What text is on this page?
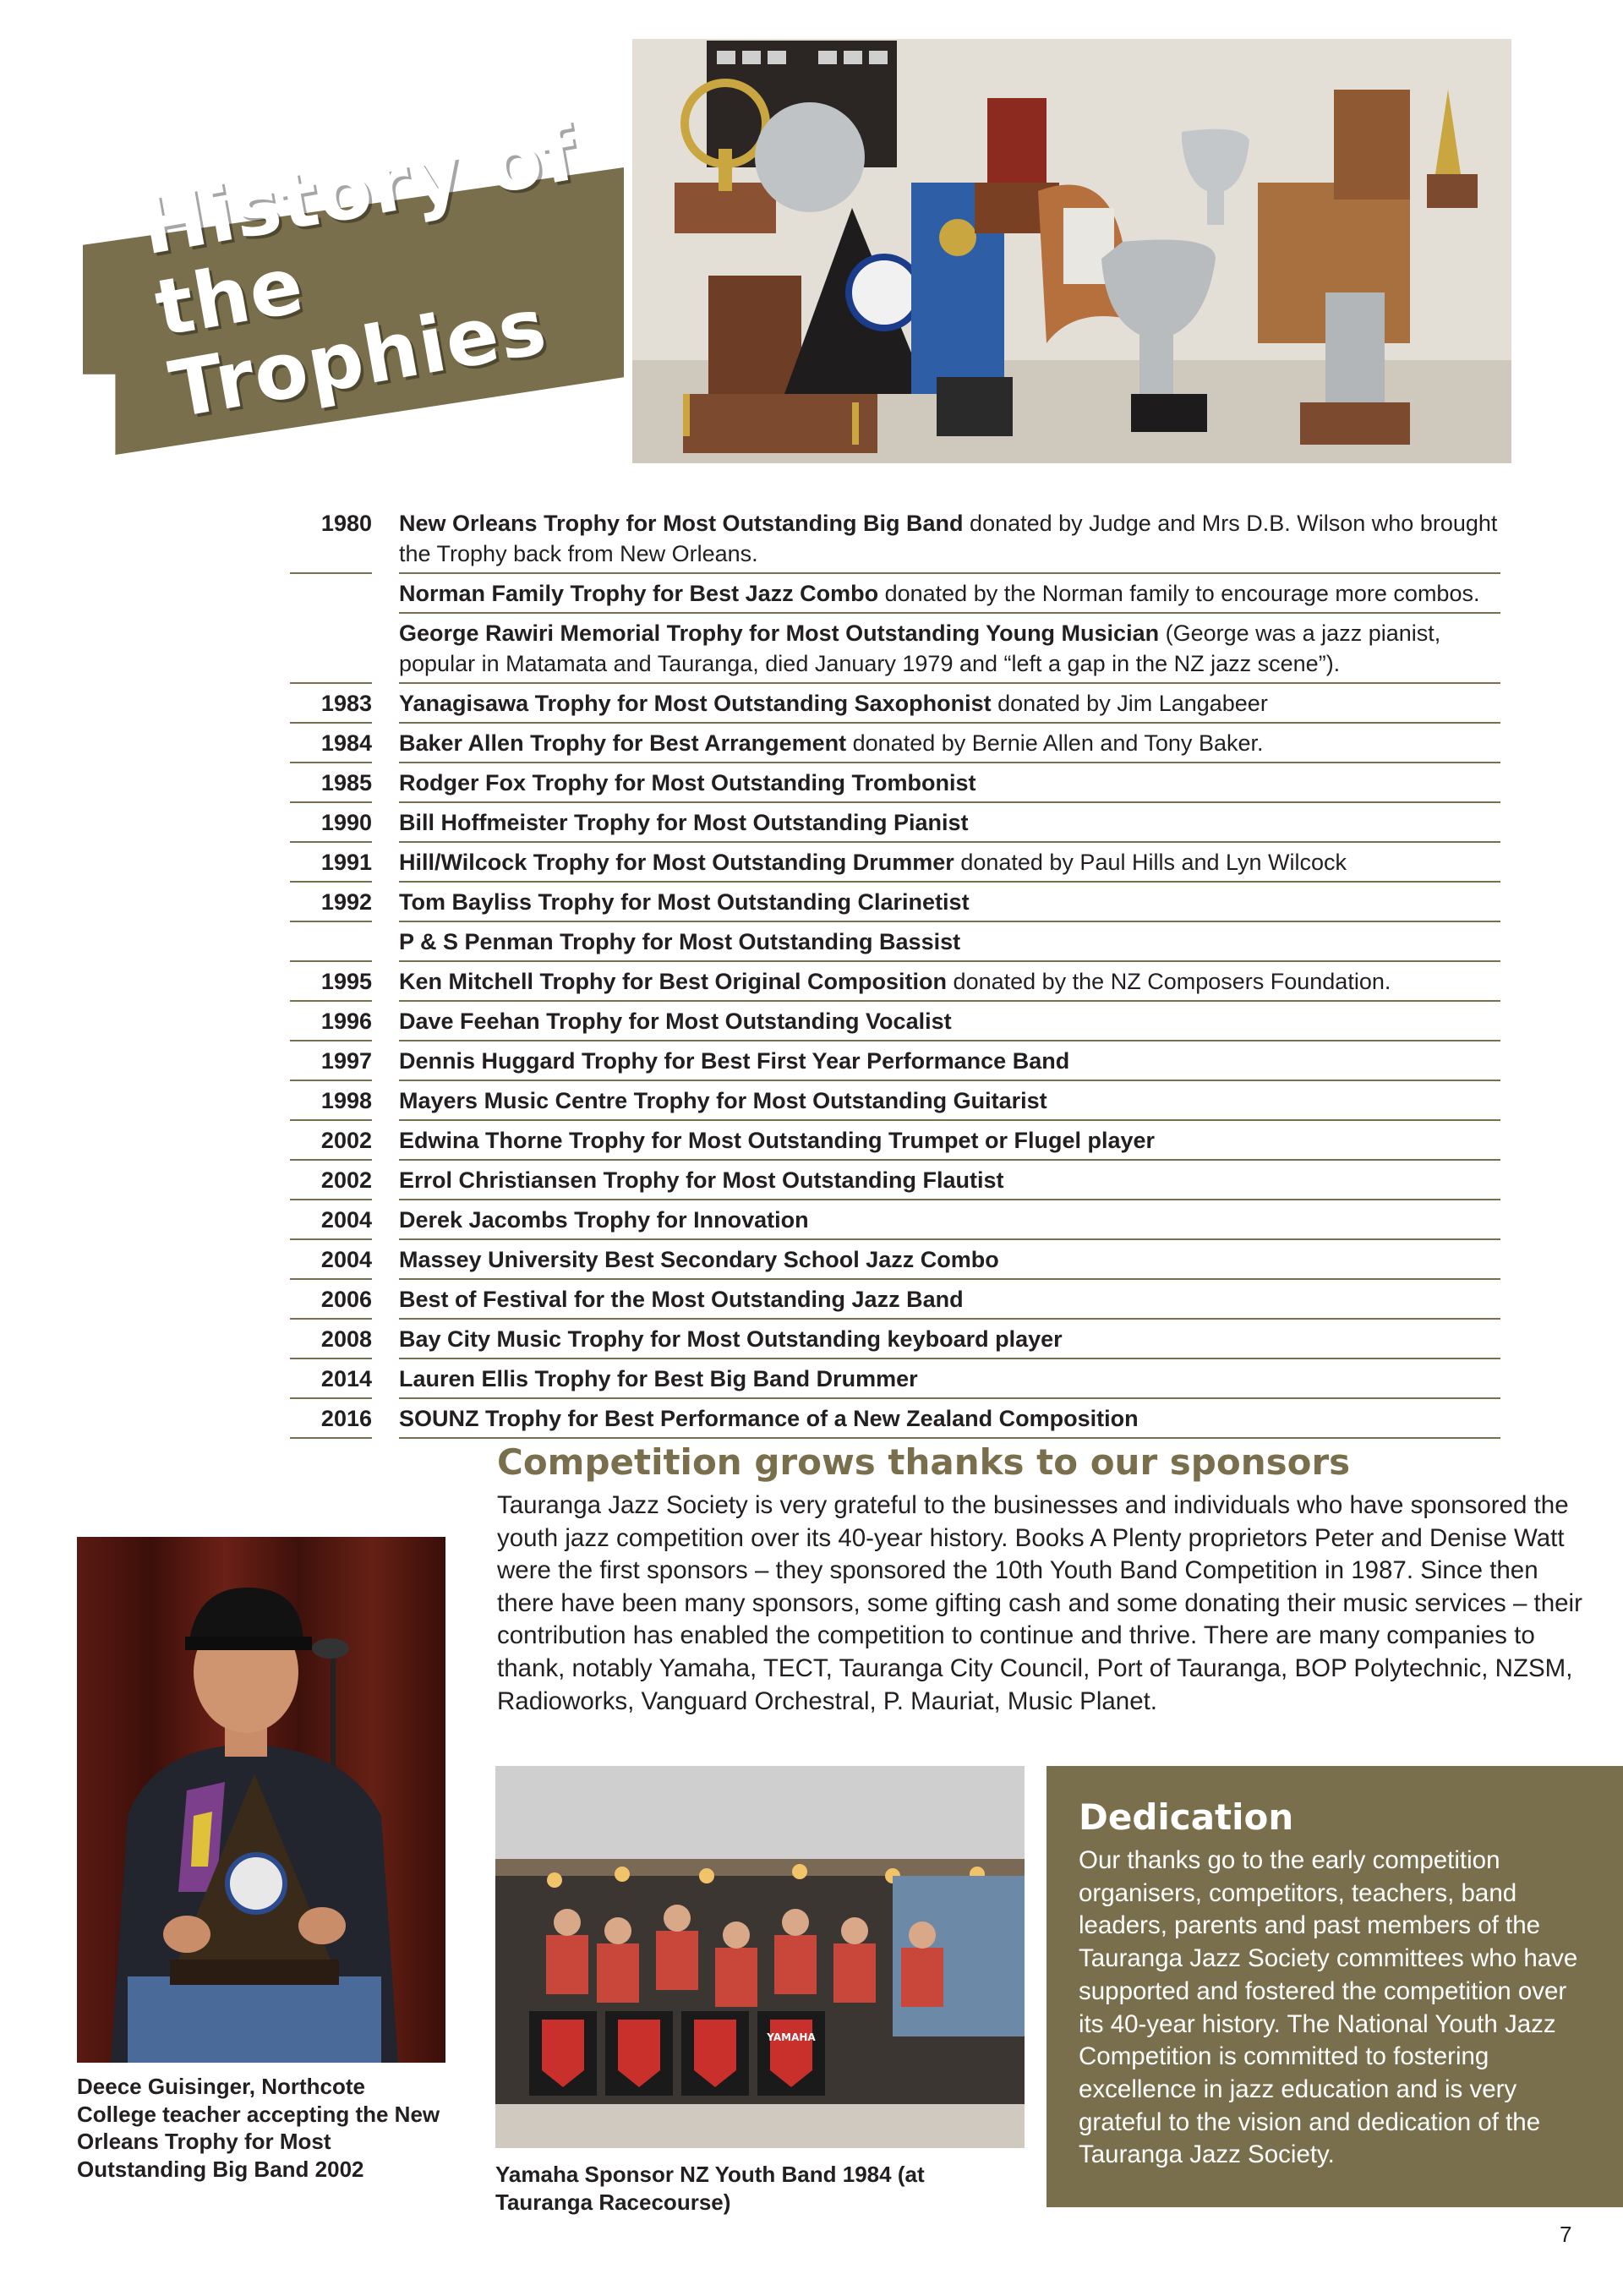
History of the Trophies
1980 New Orleans Trophy for Most Outstanding Big Band donated by Judge and Mrs D.B. Wilson who brought the Trophy back from New Orleans.
Norman Family Trophy for Best Jazz Combo donated by the Norman family to encourage more combos.
George Rawiri Memorial Trophy for Most Outstanding Young Musician (George was a jazz pianist, popular in Matamata and Tauranga, died January 1979 and “left a gap in the NZ jazz scene”).
1983 Yanagisawa Trophy for Most Outstanding Saxophonist donated by Jim Langabeer
1984 Baker Allen Trophy for Best Arrangement donated by Bernie Allen and Tony Baker.
1985 Rodger Fox Trophy for Most Outstanding Trombonist
1990 Bill Hoffmeister Trophy for Most Outstanding Pianist
1991 Hill/Wilcock Trophy for Most Outstanding Drummer donated by Paul Hills and Lyn Wilcock
1992 Tom Bayliss Trophy for Most Outstanding Clarinetist
P & S Penman Trophy for Most Outstanding Bassist
1995 Ken Mitchell Trophy for Best Original Composition donated by the NZ Composers Foundation.
1996 Dave Feehan Trophy for Most Outstanding Vocalist
1997 Dennis Huggard Trophy for Best First Year Performance Band
1998 Mayers Music Centre Trophy for Most Outstanding Guitarist
2002 Edwina Thorne Trophy for Most Outstanding Trumpet or Flugel player
2002 Errol Christiansen Trophy for Most Outstanding Flautist
2004 Derek Jacombs Trophy for Innovation
2004 Massey University Best Secondary School Jazz Combo
2006 Best of Festival for the Most Outstanding Jazz Band
2008 Bay City Music Trophy for Most Outstanding keyboard player
2014 Lauren Ellis Trophy for Best Big Band Drummer
2016 SOUNZ Trophy for Best Performance of a New Zealand Composition
Competition grows thanks to our sponsors
Tauranga Jazz Society is very grateful to the businesses and individuals who have sponsored the youth jazz competition over its 40-year history. Books A Plenty proprietors Peter and Denise Watt were the first sponsors – they sponsored the 10th Youth Band Competition in 1987. Since then there have been many sponsors, some gifting cash and some donating their music services – their contribution has enabled the competition to continue and thrive. There are many companies to thank, notably Yamaha, TECT, Tauranga City Council, Port of Tauranga, BOP Polytechnic, NZSM, Radioworks, Vanguard Orchestral, P. Mauriat, Music Planet.
Deece Guisinger, Northcote College teacher accepting the New Orleans Trophy for Most Outstanding Big Band 2002
YAMAHA
Yamaha Sponsor NZ Youth Band 1984 (at Tauranga Racecourse)
Dedication
Our thanks go to the early competition organisers, competitors, teachers, band leaders, parents and past members of the Tauranga Jazz Society committees who have supported and fostered the competition over its 40-year history. The National Youth Jazz Competition is committed to fostering excellence in jazz education and is very grateful to the vision and dedication of the Tauranga Jazz Society.
7
